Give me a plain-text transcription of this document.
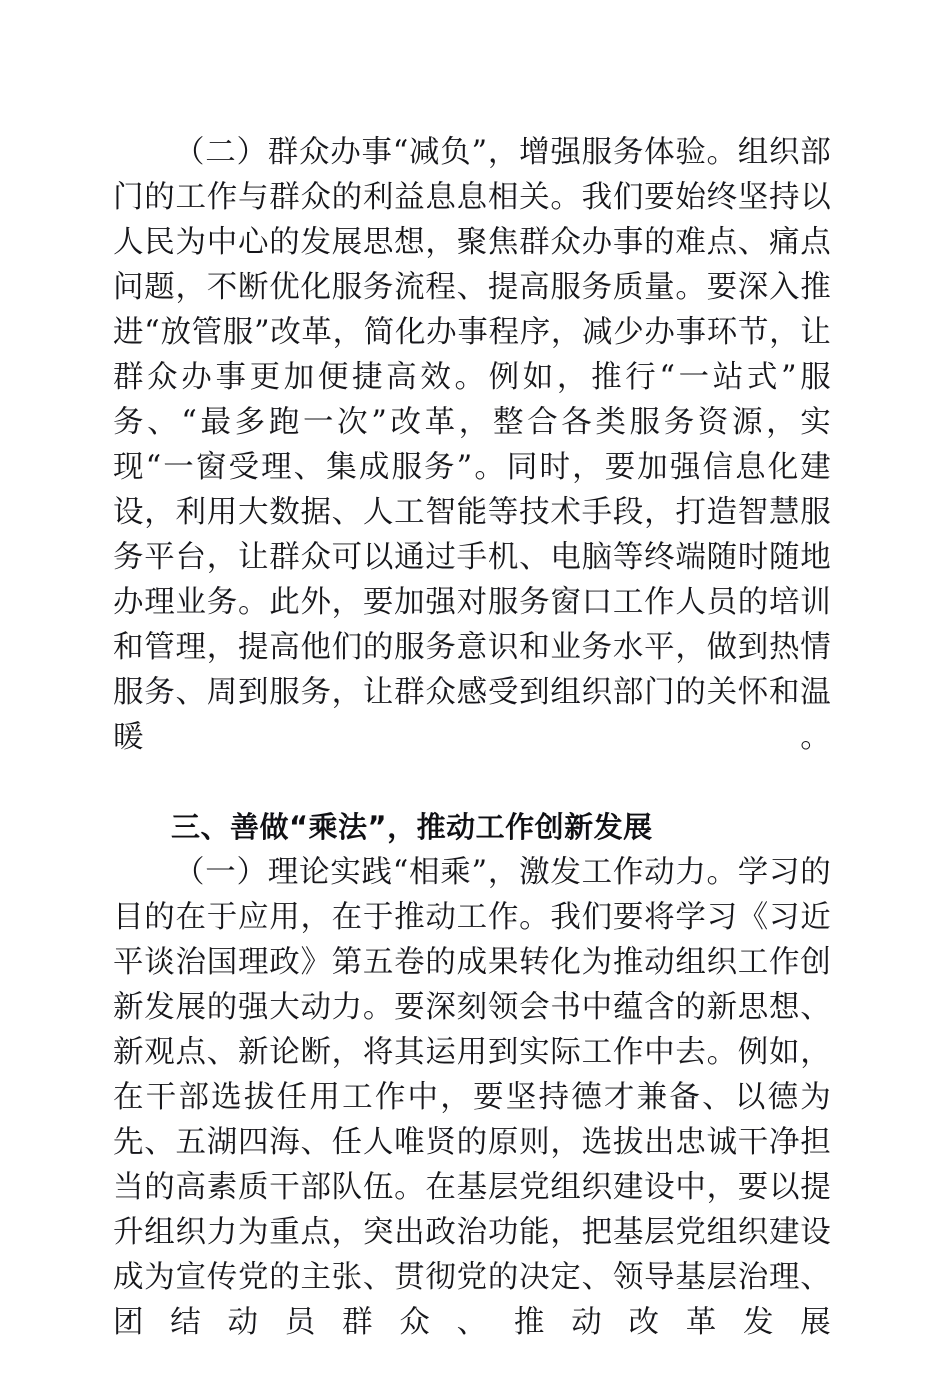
（二）群众办事“减负”，增强服务体验。组织部门的工作与群众的利益息息相关。我们要始终坚持以人民为中心的发展思想，聚焦群众办事的难点、痛点问题，不断优化服务流程、提高服务质量。要深入推进“放管服”改革，简化办事程序，减少办事环节，让群众办事更加便捷高效。例如，推行“一站式”服务、“最多跑一次”改革，整合各类服务资源，实现“一窗受理、集成服务”。同时，要加强信息化建设，利用大数据、人工智能等技术手段，打造智慧服务平台，让群众可以通过手机、电脑等终端随时随地办理业务。此外，要加强对服务窗口工作人员的培训和管理，提高他们的服务意识和业务水平，做到热情服务、周到服务，让群众感受到组织部门的关怀和温暖。

三、善做“乘法”，推动工作创新发展

（一）理论实践“相乘”，激发工作动力。学习的目的在于应用，在于推动工作。我们要将学习《习近平谈治国理政》第五卷的成果转化为推动组织工作创新发展的强大动力。要深刻领会书中蕴含的新思想、新观点、新论断，将其运用到实际工作中去。例如，在干部选拔任用工作中，要坚持德才兼备、以德为先、五湖四海、任人唯贤的原则，选拔出忠诚干净担当的高素质干部队伍。在基层党组织建设中，要以提升组织力为重点，突出政治功能，把基层党组织建设成为宣传党的主张、贯彻党的决定、领导基层治理、团结动员群众、推动改革发展
